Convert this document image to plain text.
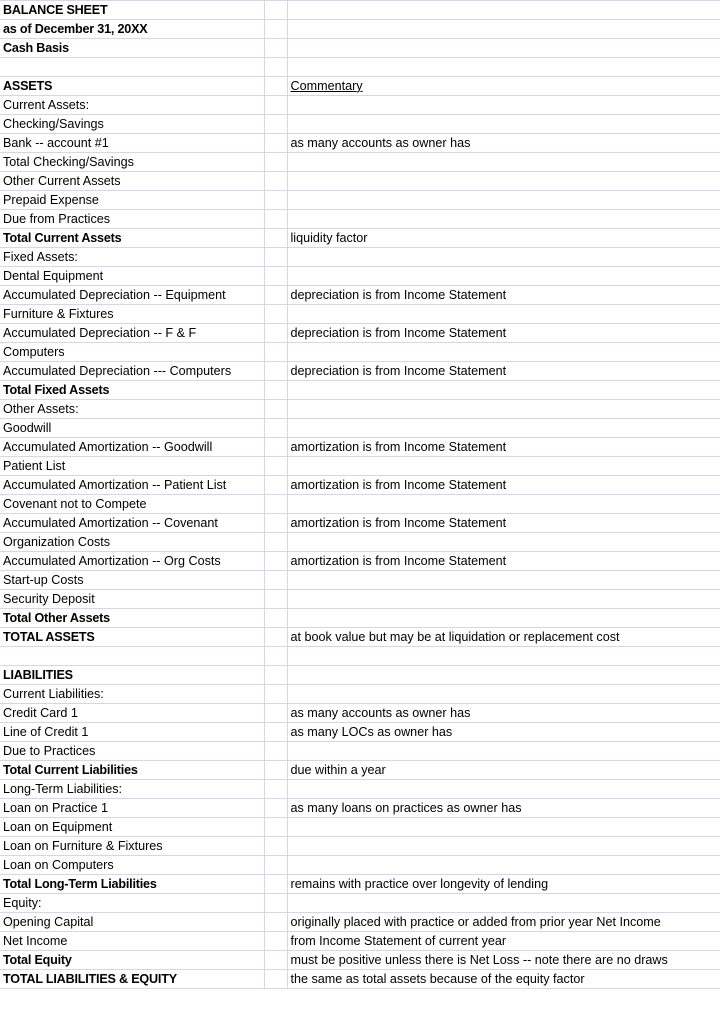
BALANCE SHEET		
as of December 31, 20XX		
Cash Basis		

ASSETS		Commentary
Current Assets:		
Checking/Savings		
Bank -- account #1		as many accounts as owner has
Total Checking/Savings		
Other Current Assets		
Prepaid Expense		
Due from Practices		
Total Current Assets		liquidity factor
Fixed Assets:		
Dental Equipment		
Accumulated Depreciation -- Equipment		depreciation is from Income Statement
Furniture & Fixtures		
Accumulated Depreciation -- F & F		depreciation is from Income Statement
Computers		
Accumulated Depreciation --- Computers		depreciation is from Income Statement
Total Fixed Assets		
Other Assets:		
Goodwill		
Accumulated Amortization -- Goodwill		amortization is from Income Statement
Patient List		
Accumulated Amortization -- Patient List		amortization is from Income Statement
Covenant not to Compete		
Accumulated Amortization -- Covenant		amortization is from Income Statement
Organization Costs		
Accumulated Amortization -- Org Costs		amortization is from Income Statement
Start-up Costs		
Security Deposit		
Total Other Assets		
TOTAL ASSETS		at book value but may be at liquidation or replacement cost

LIABILITIES		
Current Liabilities:		
Credit Card 1		as many accounts as owner has
Line of Credit 1		as many LOCs as owner has
Due to Practices		
Total Current Liabilities		due within a year
Long-Term Liabilities:		
Loan on Practice 1		as many loans on practices as owner has
Loan on Equipment		
Loan on Furniture & Fixtures		
Loan on Computers		
Total Long-Term Liabilities		remains with practice over longevity of lending
Equity:		
Opening Capital		originally placed with practice or added from prior year Net Income
Net Income		from Income Statement of current year
Total Equity		must be positive unless there is Net Loss -- note there are no draws
TOTAL LIABILITIES & EQUITY		the same as total assets because of the equity factor
